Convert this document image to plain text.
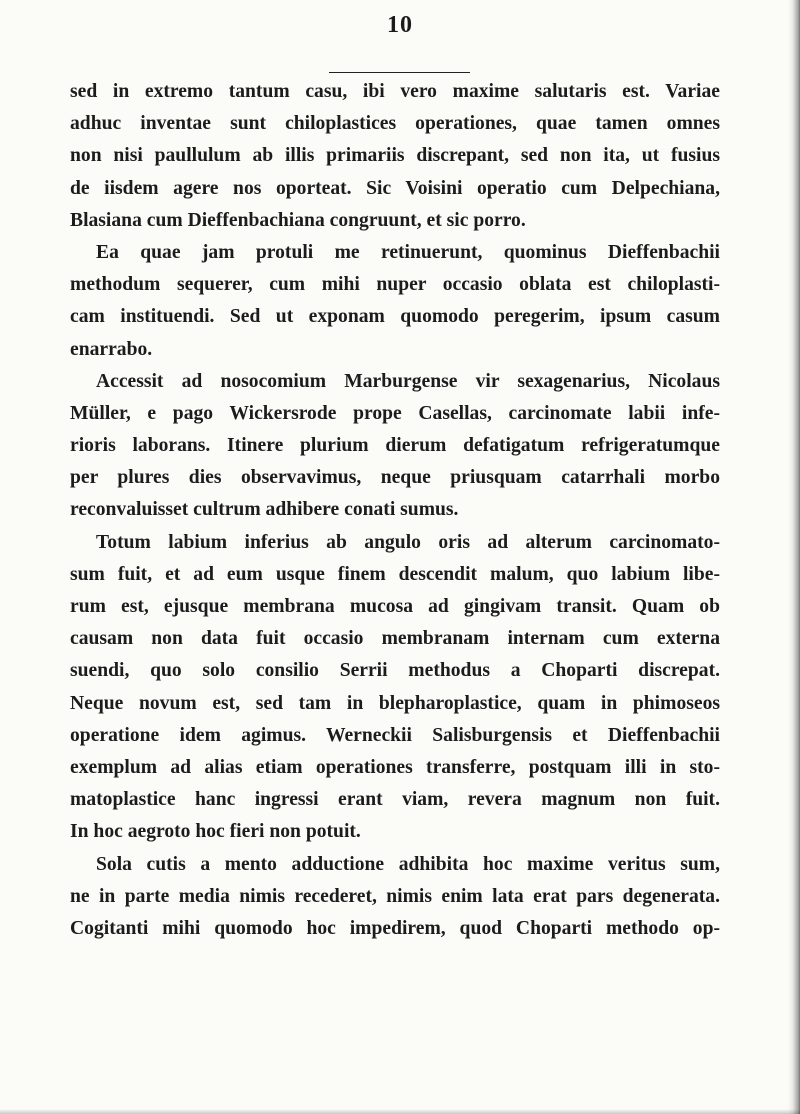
10
sed in extremo tantum casu, ibi vero maxime salutaris est. Variae
adhuc inventae sunt chiloplastices operationes, quae tamen omnes
non nisi paullulum ab illis primariis discrepant, sed non ita, ut fusius
de iisdem agere nos oporteat. Sic Voisini operatio cum Delpechiana,
Blasiana cum Dieffenbachiana congruunt, et sic porro.
Ea quae jam protuli me retinuerunt, quominus Dieffenbachii
methodum sequerer, cum mihi nuper occasio oblata est chiloplasti-
cam instituendi. Sed ut exponam quomodo peregerim, ipsum casum
enarrabo.
Accessit ad nosocomium Marburgense vir sexagenarius, Nicolaus
Müller, e pago Wickersrode prope Casellas, carcinomate labii infe-
rioris laborans. Itinere plurium dierum defatigatum refrigeratumque
per plures dies observavimus, neque priusquam catarrhali morbo
reconvaluisset cultrum adhibere conati sumus.
Totum labium inferius ab angulo oris ad alterum carcinomato-
sum fuit, et ad eum usque finem descendit malum, quo labium libe-
rum est, ejusque membrana mucosa ad gingivam transit. Quam ob
causam non data fuit occasio membranam internam cum externa
suendi, quo solo consilio Serrii methodus a Choparti discrepat.
Neque novum est, sed tam in blepharoplastice, quam in phimoseos
operatione idem agimus. Werneckii Salisburgensis et Dieffenbachii
exemplum ad alias etiam operationes transferre, postquam illi in sto-
matoplastice hanc ingressi erant viam, revera magnum non fuit.
In hoc aegroto hoc fieri non potuit.
Sola cutis a mento adductione adhibita hoc maxime veritus sum,
ne in parte media nimis recederet, nimis enim lata erat pars degenerata.
Cogitanti mihi quomodo hoc impedirem, quod Choparti methodo op-
